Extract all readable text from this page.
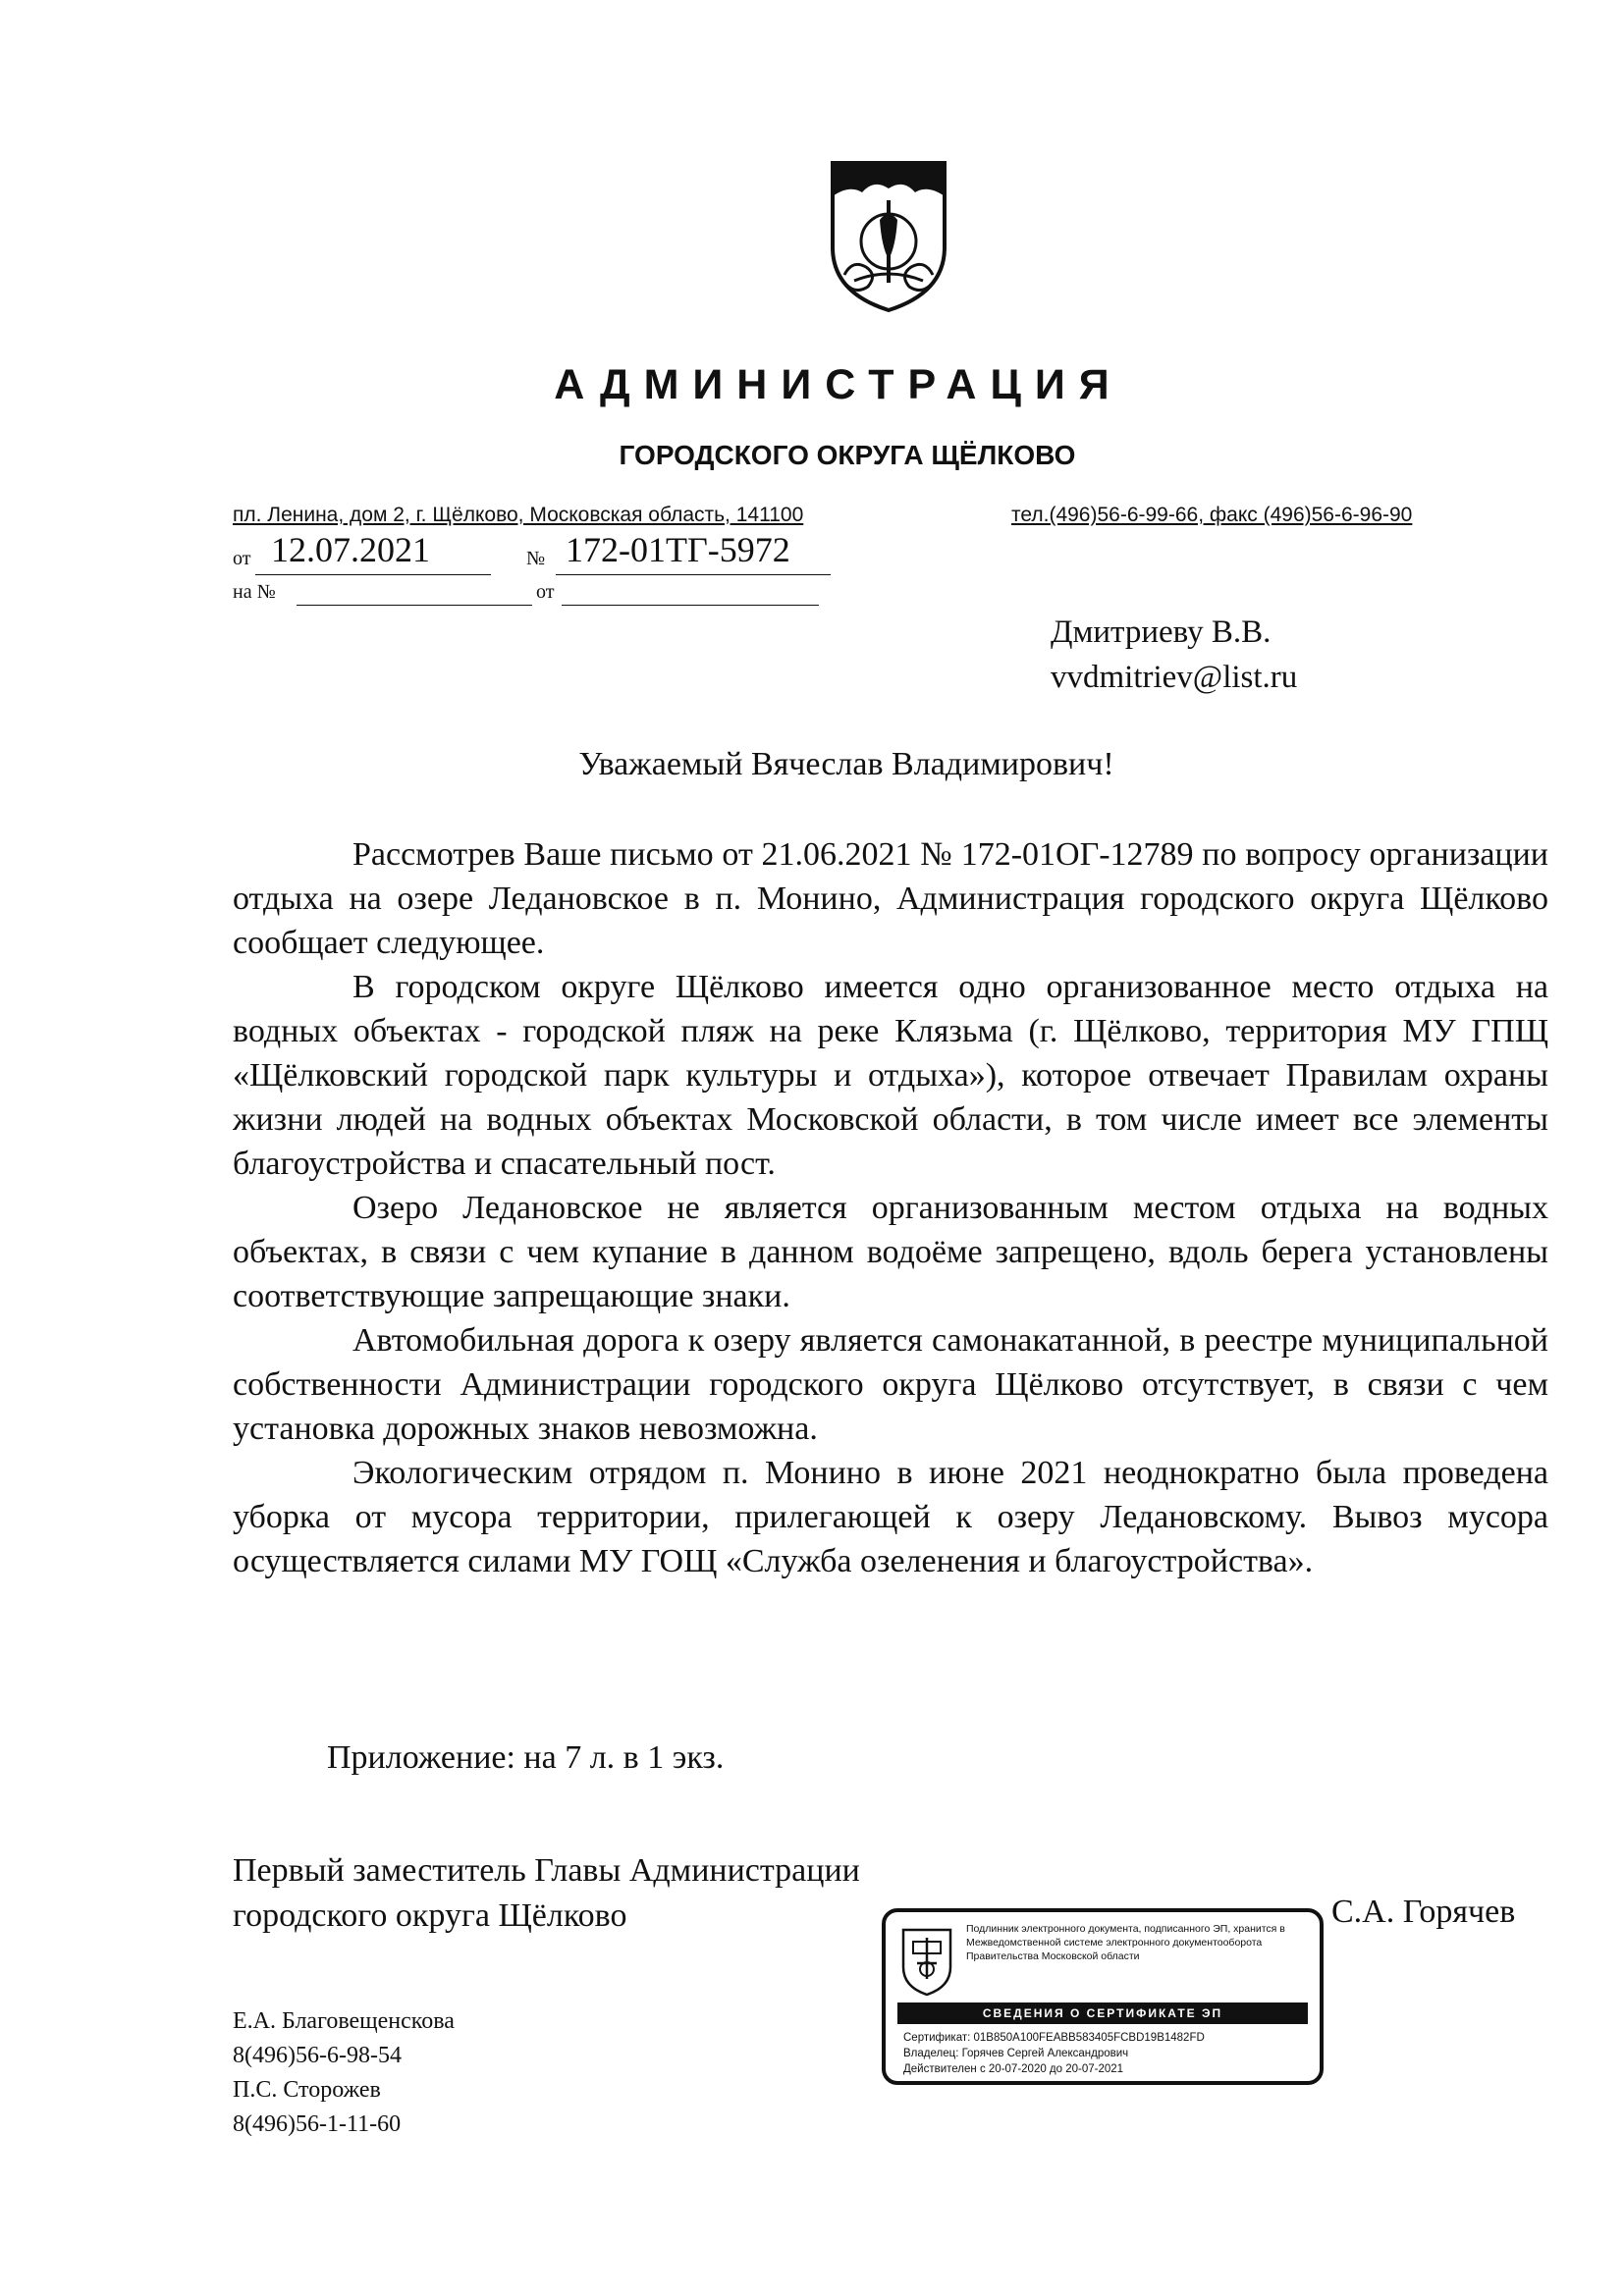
АДМИНИСТРАЦИЯ
ГОРОДСКОГО ОКРУГА ЩЁЛКОВО
пл. Ленина, дом 2, г. Щёлково, Московская область, 141100	тел.(496)56-6-99-66, факс (496)56-6-96-90
от 12.07.2021	№ 172-01ТГ-5972
на №	от
Дмитриеву В.В.
vvdmitriev@list.ru
Уважаемый Вячеслав Владимирович!

Рассмотрев Ваше письмо от 21.06.2021 № 172-01ОГ-12789 по вопросу организации отдыха на озере Ледановское в п. Монино, Администрация городского округа Щёлково сообщает следующее.

В городском округе Щёлково имеется одно организованное место отдыха на водных объектах - городской пляж на реке Клязьма (г. Щёлково, территория МУ ГПЩ «Щёлковский городской парк культуры и отдыха»), которое отвечает Правилам охраны жизни людей на водных объектах Московской области, в том числе имеет все элементы благоустройства и спасательный пост.

Озеро Ледановское не является организованным местом отдыха на водных объектах, в связи с чем купание в данном водоёме запрещено, вдоль берега установлены соответствующие запрещающие знаки.

Автомобильная дорога к озеру является самонакатанной, в реестре муниципальной собственности Администрации городского округа Щёлково отсутствует, в связи с чем установка дорожных знаков невозможна.

Экологическим отрядом п. Монино в июне 2021 неоднократно была проведена уборка от мусора территории, прилегающей к озеру Ледановскому. Вывоз мусора осуществляется силами МУ ГОЩ «Служба озеленения и благоустройства».

Приложение: на 7 л. в 1 экз.
Первый заместитель Главы Администрации
городского округа Щёлково	С.А. Горячев
Подлинник электронного документа, подписанного ЭП, хранится в Межведомственной системе электронного документооборота Правительства Московской области
СВЕДЕНИЯ О СЕРТИФИКАТЕ ЭП
Сертификат: 01B850A100FEABB583405FCBD19B1482FD
Владелец: Горячев Сергей Александрович
Действителен с 20-07-2020 до 20-07-2021
Е.А. Благовещенскова
8(496)56-6-98-54
П.С. Сторожев
8(496)56-1-11-60
